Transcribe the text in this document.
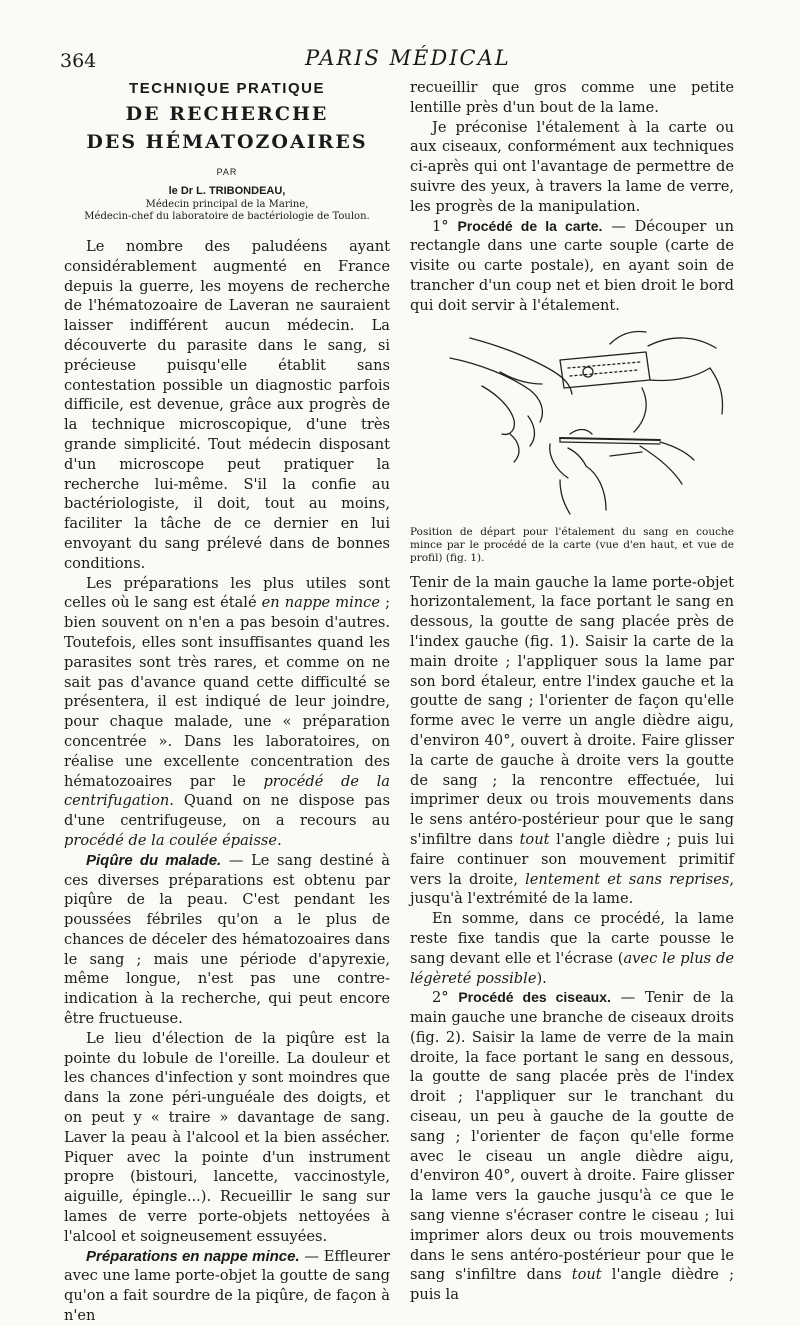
364	PARIS MÉDICAL
TECHNIQUE PRATIQUE
DE RECHERCHE
DES HÉMATOZOAIRES
PAR
le Dr L. TRIBONDEAU,
Médecin principal de la Marine,
Médecin-chef du laboratoire de bactériologie de Toulon.

Le nombre des paludéens ayant considérablement augmenté en France depuis la guerre, les moyens de recherche de l'hématozoaire de Laveran ne sauraient laisser indifférent aucun médecin. La découverte du parasite dans le sang, si précieuse puisqu'elle établit sans contestation possible un diagnostic parfois difficile, est devenue, grâce aux progrès de la technique microscopique, d'une très grande simplicité. Tout médecin disposant d'un microscope peut pratiquer la recherche lui-même. S'il la confie au bactériologiste, il doit, tout au moins, faciliter la tâche de ce dernier en lui envoyant du sang prélevé dans de bonnes conditions.

Les préparations les plus utiles sont celles où le sang est étalé en nappe mince ; bien souvent on n'en a pas besoin d'autres. Toutefois, elles sont insuffisantes quand les parasites sont très rares, et comme on ne sait pas d'avance quand cette difficulté se présentera, il est indiqué de leur joindre, pour chaque malade, une « préparation concentrée ». Dans les laboratoires, on réalise une excellente concentration des hématozoaires par le procédé de la centrifugation. Quand on ne dispose pas d'une centrifugeuse, on a recours au procédé de la coulée épaisse.

Piqûre du malade. — Le sang destiné à ces diverses préparations est obtenu par piqûre de la peau. C'est pendant les poussées fébriles qu'on a le plus de chances de déceler des hématozoaires dans le sang ; mais une période d'apyrexie, même longue, n'est pas une contre-indication à la recherche, qui peut encore être fructueuse.

Le lieu d'élection de la piqûre est la pointe du lobule de l'oreille. La douleur et les chances d'infection y sont moindres que dans la zone péri-unguéale des doigts, et on peut y « traire » davantage de sang. Laver la peau à l'alcool et la bien assécher. Piquer avec la pointe d'un instrument propre (bistouri, lancette, vaccinostyle, aiguille, épingle...). Recueillir le sang sur lames de verre porte-objets nettoyées à l'alcool et soigneusement essuyées.

Préparations en nappe mince. — Effleurer avec une lame porte-objet la goutte de sang qu'on a fait sourdre de la piqûre, de façon à n'en

recueillir que gros comme une petite lentille près d'un bout de la lame.

Je préconise l'étalement à la carte ou aux ciseaux, conformément aux techniques ci-après qui ont l'avantage de permettre de suivre des yeux, à travers la lame de verre, les progrès de la manipulation.

1° Procédé de la carte. — Découper un rectangle dans une carte souple (carte de visite ou carte postale), en ayant soin de trancher d'un coup net et bien droit le bord qui doit servir à l'étalement.

Position de départ pour l'étalement du sang en couche mince par le procédé de la carte (vue d'en haut, et vue de profil) (fig. 1).

Tenir de la main gauche la lame porte-objet horizontalement, la face portant le sang en dessous, la goutte de sang placée près de l'index gauche (fig. 1). Saisir la carte de la main droite ; l'appliquer sous la lame par son bord étaleur, entre l'index gauche et la goutte de sang ; l'orienter de façon qu'elle forme avec le verre un angle dièdre aigu, d'environ 40°, ouvert à droite. Faire glisser la carte de gauche à droite vers la goutte de sang ; la rencontre effectuée, lui imprimer deux ou trois mouvements dans le sens antéro-postérieur pour que le sang s'infiltre dans tout l'angle dièdre ; puis lui faire continuer son mouvement primitif vers la droite, lentement et sans reprises, jusqu'à l'extrémité de la lame.

En somme, dans ce procédé, la lame reste fixe tandis que la carte pousse le sang devant elle et l'écrase (avec le plus de légèreté possible).

2° Procédé des ciseaux. — Tenir de la main gauche une branche de ciseaux droits (fig. 2). Saisir la lame de verre de la main droite, la face portant le sang en dessous, la goutte de sang placée près de l'index droit ; l'appliquer sur le tranchant du ciseau, un peu à gauche de la goutte de sang ; l'orienter de façon qu'elle forme avec le ciseau un angle dièdre aigu, d'environ 40°, ouvert à droite. Faire glisser la lame vers la gauche jusqu'à ce que le sang vienne s'écraser contre le ciseau ; lui imprimer alors deux ou trois mouvements dans le sens antéro-postérieur pour que le sang s'infiltre dans tout l'angle dièdre ; puis la
